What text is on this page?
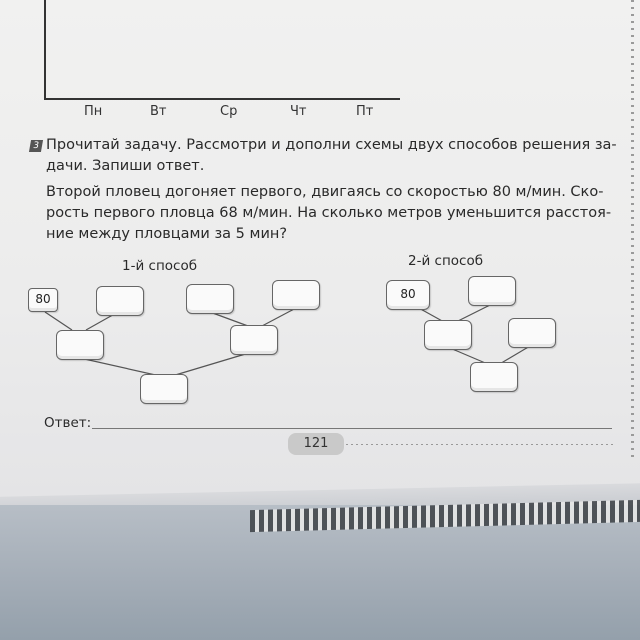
Пн	Вт	Ср	Чт	Пт
3 Прочитай задачу. Рассмотри и дополни схемы двух способов решения за-
дачи. Запиши ответ.
Второй пловец догоняет первого, двигаясь со скоростью 80 м/мин. Ско-
рость первого пловца 68 м/мин. На сколько метров уменьшится расстоя-
ние между пловцами за 5 мин?
1-й способ	2-й способ
80	80
Ответ:
121
